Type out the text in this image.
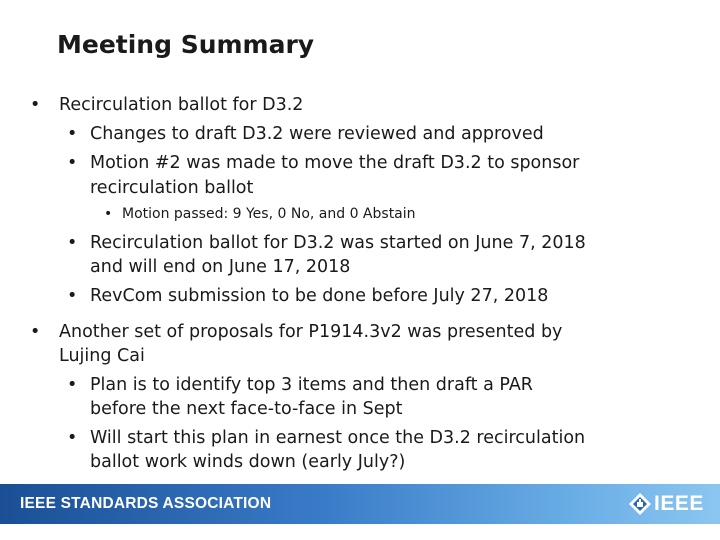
Meeting Summary
• Recirculation ballot for D3.2
• Changes to draft D3.2 were reviewed and approved
• Motion #2 was made to move the draft D3.2 to sponsor
recirculation ballot
• Motion passed: 9 Yes, 0 No, and 0 Abstain
• Recirculation ballot for D3.2 was started on June 7, 2018
and will end on June 17, 2018
• RevCom submission to be done before July 27, 2018
• Another set of proposals for P1914.3v2 was presented by
Lujing Cai
• Plan is to identify top 3 items and then draft a PAR
before the next face-to-face in Sept
• Will start this plan in earnest once the D3.2 recirculation
ballot work winds down (early July?)
IEEE STANDARDS ASSOCIATION	IEEE
